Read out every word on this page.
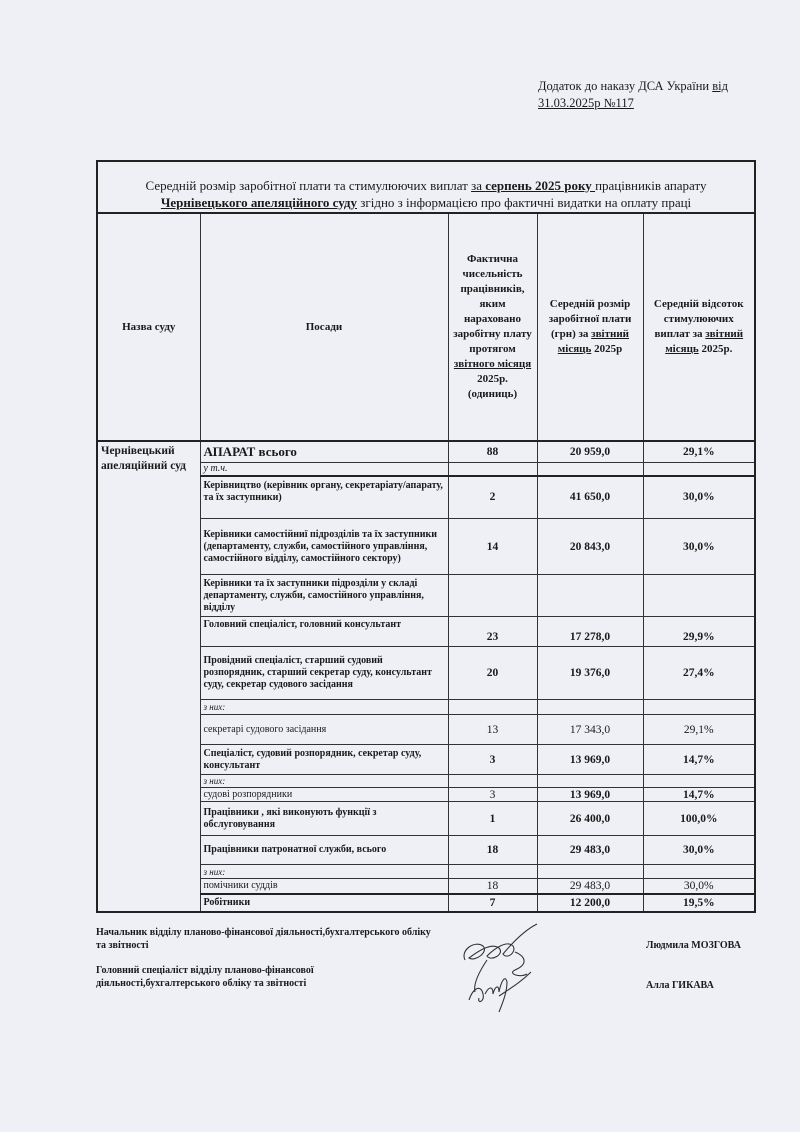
Додаток до наказу ДСА України від
31.03.2025р №117
Середній розмір заробітної плати та стимулюючих виплат за серпень 2025 року працівників апарату
Чернівецького апеляційного суду згідно з інформацією про фактичні видатки на оплату праці				
Назва суду	Посади	Фактична чисельність працівників, яким нараховано заробітну плату протягом звітного місяця 2025р. (одиниць)	Середній розмір заробітної плати (грн) за звітний місяць 2025р	Середній відсоток стимулюючих виплат за звітний місяць 2025р.
Чернівецький апеляційний суд	АПАРАТ всього	88	20 959,0	29,1%
	у т.ч.			
	Керівництво (керівник органу, секретаріату/апарату, та їх заступники)	2	41 650,0	30,0%
	Керівники самостійниї підрозділів та їх заступники (департаменту, служби, самостійного управління, самостійного відділу, самостійного сектору)	14	20 843,0	30,0%
	Керівники та їх заступники підрозділи у складі департаменту, служби, самостійного управління, відділу			
	Головний спеціаліст, головний консультант	23	17 278,0	29,9%
	Провідний спеціаліст, старший судовий розпорядник, старший секретар суду, консультант суду, секретар судового засідання	20	19 376,0	27,4%
	з них:			
	секретарі судового засідання	13	17 343,0	29,1%
	Спеціаліст, судовий розпорядник, секретар суду, консультант	3	13 969,0	14,7%
	з них:			
	судові розпорядники	3	13 969,0	14,7%
	Працівники , які виконують функції з обслуговування	1	26 400,0	100,0%
	Працівники патронатної служби, всього	18	29 483,0	30,0%
	з них:			
	помічники суддів	18	29 483,0	30,0%
	Робітники	7	12 200,0	19,5%
Начальник відділу планово-фінансової діяльності,бухгалтерського обліку та звітності	Людмила МОЗГОВА
Головний спеціаліст відділу планово-фінансової діяльності,бухгалтерського обліку та звітності	Алла ГИКАВА
